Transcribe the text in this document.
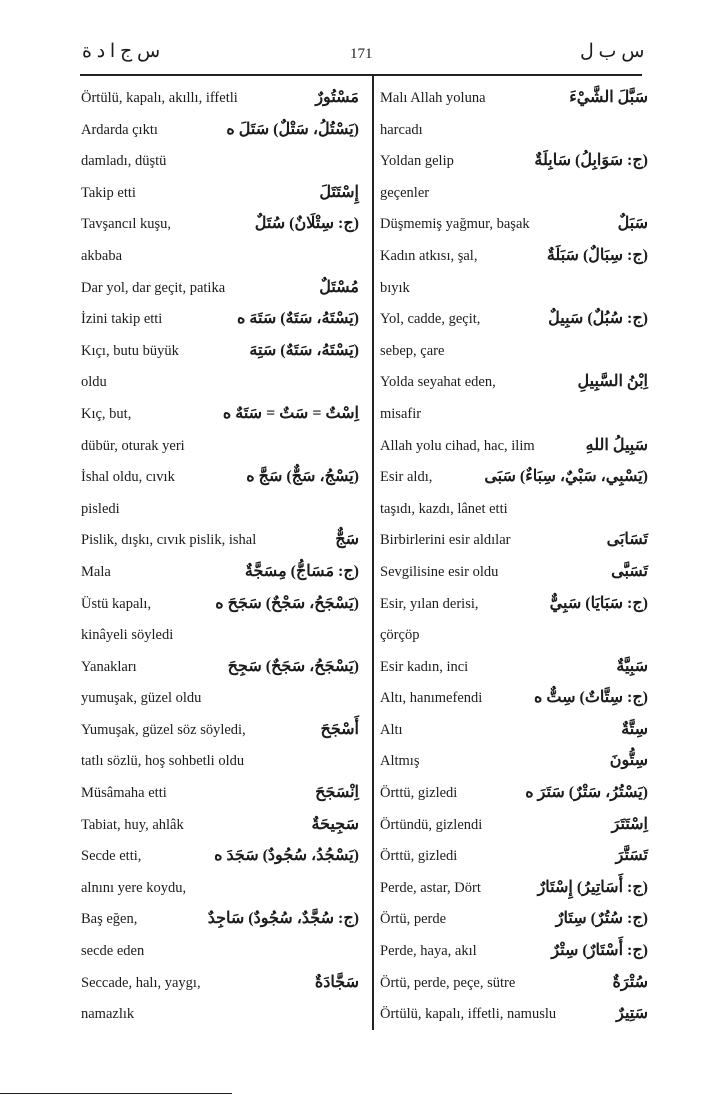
س ج ا د ة	171	س ب ل
Örtülü, kapalı, akıllı, iffetli	مَسْتُورٌ
Ardarda çıktı	(يَسْتُلُ، سَتْلٌ) سَتَلَ ه
damladı, düştü
Takip etti	إِسْتَتَلَ
Tavşancıl kuşu,	(ج: سِتْلَانٌ) سُتَلٌ
akbaba
Dar yol, dar geçit, patika	مُسْتَلٌ
İzini takip etti	(يَسْتَهُ، سَتَهٌ) سَتَهَ ه
Kıçı, butu büyük	(يَسْتَهُ، سَتَهٌ) سَتِهَ
oldu
Kıç, but,	اِسْتٌ = سَتٌ = سَتَهٌ ه
dübür, oturak yeri
İshal oldu, cıvık	(يَسْجُ، سَجٌّ) سَجَّ ه
pisledi
Pislik, dışkı, cıvık pislik, ishal	سَجٌّ
Mala	(ج: مَسَاجُّ) مِسَجَّةٌ
Üstü kapalı,	(يَسْجَحُ، سَجْحٌ) سَجَحَ ه
kinâyeli söyledi
Yanakları	(يَسْجَحُ، سَجَحٌ) سَجِحَ
yumuşak, güzel oldu
Yumuşak, güzel söz söyledi,	أَسْجَحَ
tatlı sözlü, hoş sohbetli oldu
Müsâmaha etti	اِنْسَجَحَ
Tabiat, huy, ahlâk	سَجِيحَةٌ
Secde etti,	(يَسْجُدُ، سُجُودٌ) سَجَدَ ه
alnını yere koydu,
Baş eğen,	(ج: سُجَّدٌ، سُجُودٌ) سَاجِدٌ
secde eden
Seccade, halı, yaygı,	سَجَّادَةٌ
namazlık
Malı Allah yoluna	سَبَّلَ الشَّيْءَ
harcadı
Yoldan gelip	(ج: سَوَابِلُ) سَابِلَةٌ
geçenler
Düşmemiş yağmur, başak	سَبَلٌ
Kadın atkısı, şal,	(ج: سِبَالٌ) سَبَلَةٌ
bıyık
Yol, cadde, geçit,	(ج: سُبُلٌ) سَبِيلٌ
sebep, çare
Yolda seyahat eden,	اِبْنُ السَّبِيلِ
misafir
Allah yolu cihad, hac, ilim	سَبِيلُ اللهِ
Esir aldı,	(يَسْبِي، سَبْيٌ، سِبَاءٌ) سَبَى
taşıdı, kazdı, lânet etti
Birbirlerini esir aldılar	تَسَابَى
Sevgilisine esir oldu	تَسَبَّى
Esir, yılan derisi,	(ج: سَبَايَا) سَبِيٌّ
çörçöp
Esir kadın, inci	سَبِيَّةٌ
Altı, hanımefendi	(ج: سِتَّاتٌ) سِتٌّ ه
Altı	سِتَّةٌ
Altmış	سِتُّونَ
Örttü, gizledi	(يَسْتُرُ، سَتْرٌ) سَتَرَ ه
Örtündü, gizlendi	اِسْتَتَرَ
Örttü, gizledi	تَسَتَّرَ
Perde, astar, Dört	(ج: أَسَاتِيرُ) إِسْتَارٌ
Örtü, perde	(ج: سُتُرٌ) سِتَارٌ
Perde, haya, akıl	(ج: أَسْتَارٌ) سِتْرٌ
Örtü, perde, peçe, sütre	سُتْرَةٌ
Örtülü, kapalı, iffetli, namuslu	سَتِيرٌ
